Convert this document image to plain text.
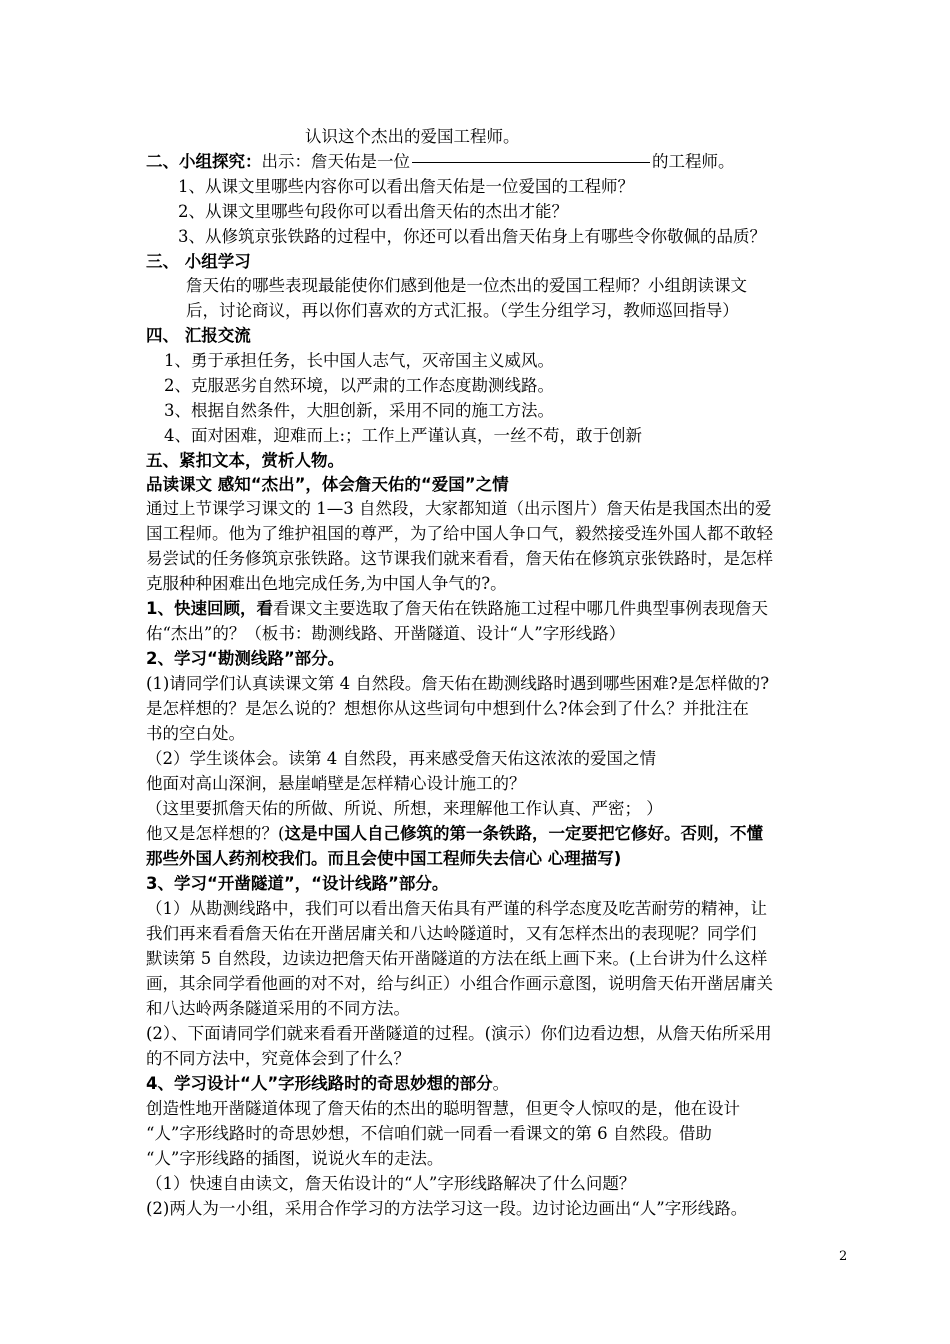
认识这个杰出的爱国工程师。
二、小组探究：出示：詹天佑是一位	的工程师。
1、从课文里哪些内容你可以看出詹天佑是一位爱国的工程师？
2、从课文里哪些句段你可以看出詹天佑的杰出才能？
3、从修筑京张铁路的过程中，你还可以看出詹天佑身上有哪些令你敬佩的品质？
三、 小组学习
詹天佑的哪些表现最能使你们感到他是一位杰出的爱国工程师？小组朗读课文
后，讨论商议，再以你们喜欢的方式汇报。（学生分组学习，教师巡回指导）
四、 汇报交流
1、勇于承担任务，长中国人志气，灭帝国主义威风。
2、克服恶劣自然环境，以严肃的工作态度勘测线路。
3、根据自然条件，大胆创新，采用不同的施工方法。
4、面对困难，迎难而上:；工作上严谨认真，一丝不苟，敢于创新
五、紧扣文本，赏析人物。
品读课文 感知“杰出”，体会詹天佑的“爱国”之情
通过上节课学习课文的 1—3 自然段，大家都知道（出示图片）詹天佑是我国杰出的爱
国工程师。他为了维护祖国的尊严，为了给中国人争口气，毅然接受连外国人都不敢轻
易尝试的任务修筑京张铁路。这节课我们就来看看，詹天佑在修筑京张铁路时，是怎样
克服种种困难出色地完成任务,为中国人争气的?。
1、快速回顾，看看课文主要选取了詹天佑在铁路施工过程中哪几件典型事例表现詹天
佑“杰出”的？（板书：勘测线路、开凿隧道、设计“人”字形线路）
2、学习“勘测线路”部分。
(1)请同学们认真读课文第 4 自然段。詹天佑在勘测线路时遇到哪些困难?是怎样做的?
是怎样想的？是怎么说的？想想你从这些词句中想到什么?体会到了什么？并批注在
书的空白处。
（2）学生谈体会。读第 4 自然段，再来感受詹天佑这浓浓的爱国之情
他面对高山深涧，悬崖峭壁是怎样精心设计施工的？
（这里要抓詹天佑的所做、所说、所想，来理解他工作认真、严密； ）
他又是怎样想的？(这是中国人自己修筑的第一条铁路，一定要把它修好。否则，不懂
那些外国人药剂校我们。而且会使中国工程师失去信心 心理描写)
3、学习“开凿隧道”，“设计线路”部分。
（1）从勘测线路中，我们可以看出詹天佑具有严谨的科学态度及吃苦耐劳的精神，让
我们再来看看詹天佑在开凿居庸关和八达岭隧道时，又有怎样杰出的表现呢？同学们
默读第 5 自然段，边读边把詹天佑开凿隧道的方法在纸上画下来。(上台讲为什么这样
画，其余同学看他画的对不对，给与纠正）小组合作画示意图，说明詹天佑开凿居庸关
和八达岭两条隧道采用的不同方法。
(2）、下面请同学们就来看看开凿隧道的过程。(演示）你们边看边想，从詹天佑所采用
的不同方法中，究竟体会到了什么？
4、学习设计“人”字形线路时的奇思妙想的部分。
创造性地开凿隧道体现了詹天佑的杰出的聪明智慧，但更令人惊叹的是，他在设计
“人”字形线路时的奇思妙想，不信咱们就一同看一看课文的第 6 自然段。借助
“人”字形线路的插图，说说火车的走法。
（1）快速自由读文，詹天佑设计的“人”字形线路解决了什么问题？
(2)两人为一小组，采用合作学习的方法学习这一段。边讨论边画出“人”字形线路。
2
